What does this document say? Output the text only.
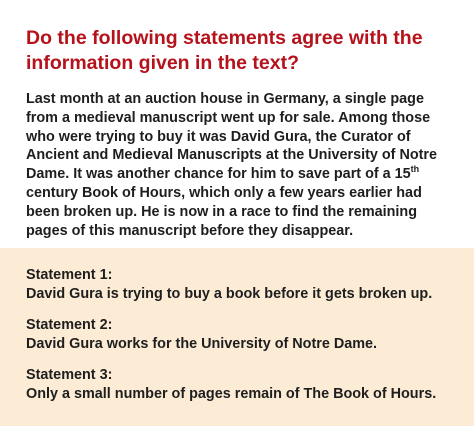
Do the following statements agree with the information given in the text?

Last month at an auction house in Germany, a single page from a medieval manuscript went up for sale. Among those who were trying to buy it was David Gura, the Curator of Ancient and Medieval Manuscripts at the University of Notre Dame. It was another chance for him to save part of a 15th century Book of Hours, which only a few years earlier had been broken up. He is now in a race to find the remaining pages of this manuscript before they disappear.

Statement 1:
David Gura is trying to buy a book before it gets broken up.
Statement 2:
David Gura works for the University of Notre Dame.
Statement 3:
Only a small number of pages remain of The Book of Hours.
